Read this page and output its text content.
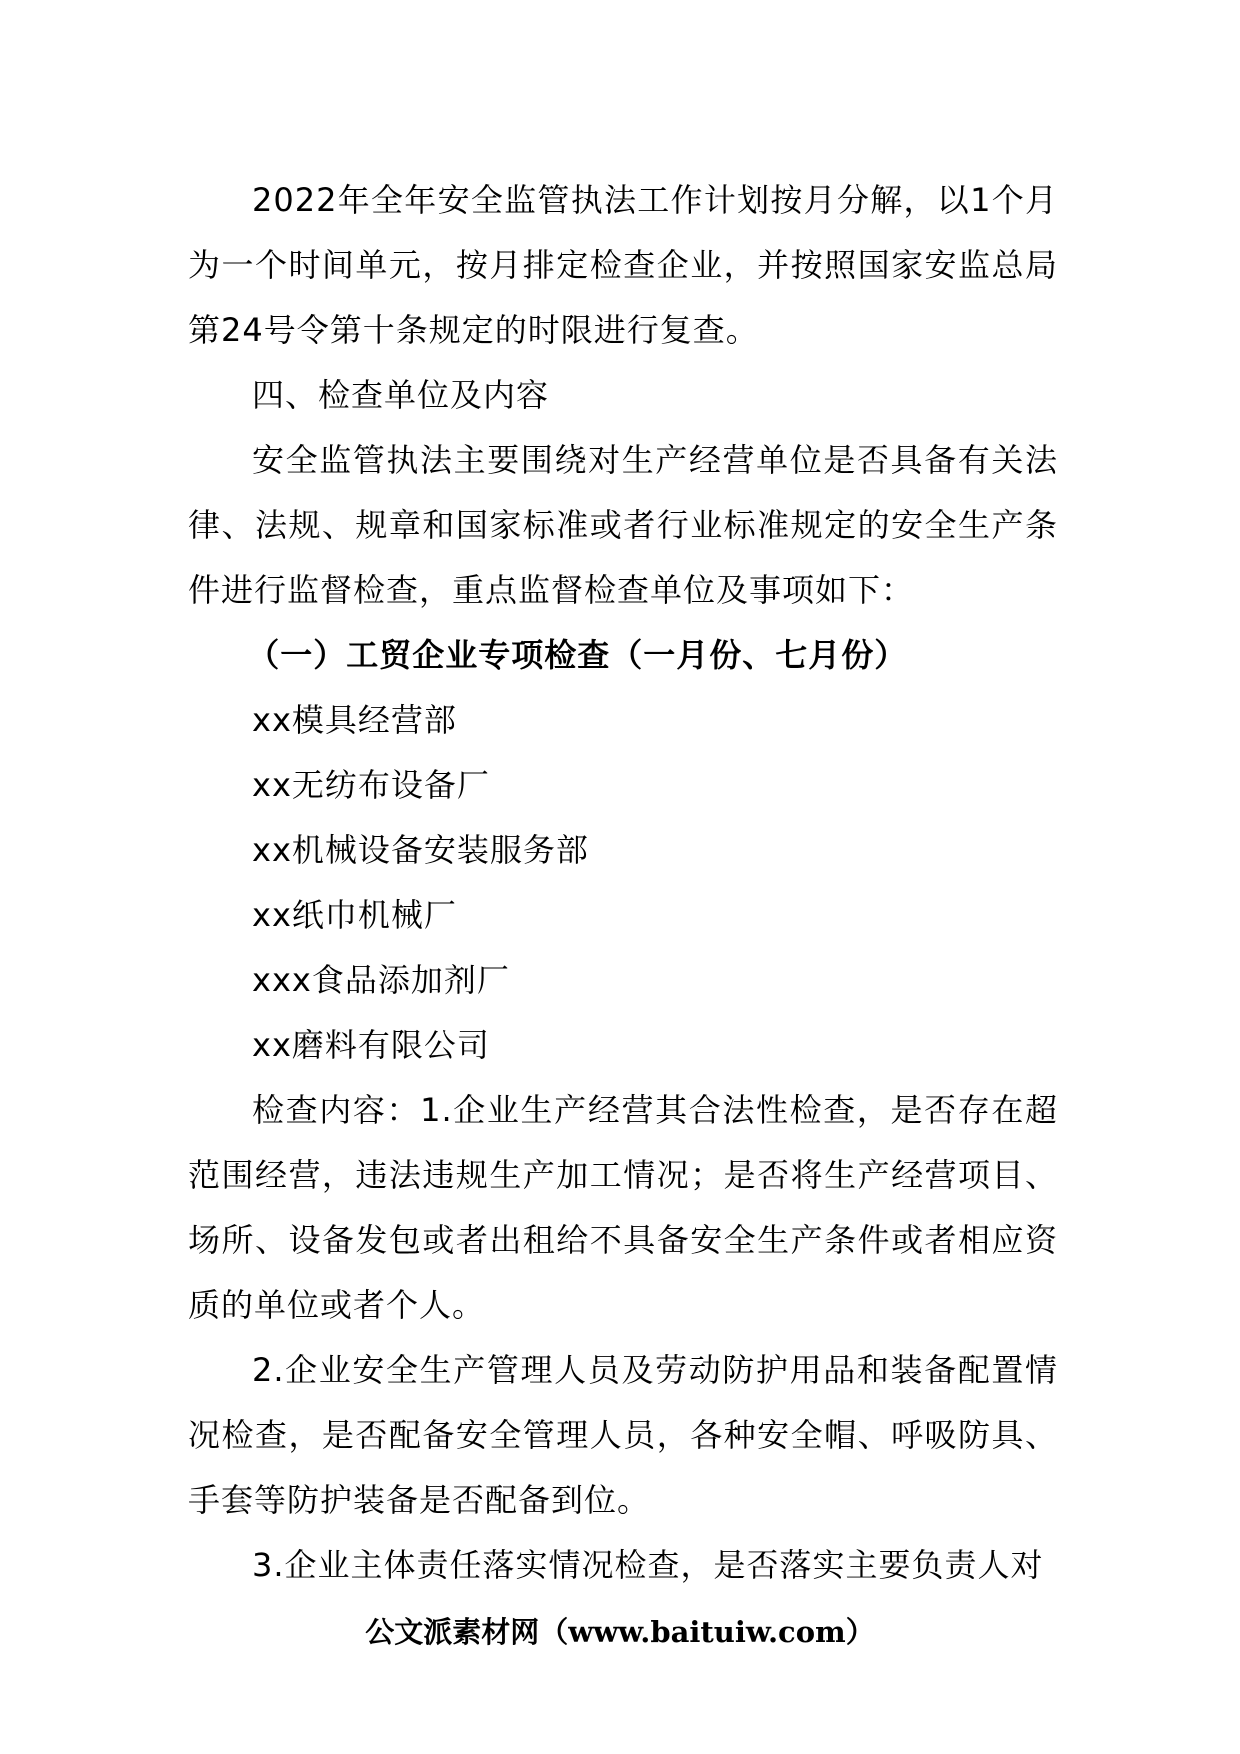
2022年全年安全监管执法工作计划按月分解，以1个月为一个时间单元，按月排定检查企业，并按照国家安监总局第24号令第十条规定的时限进行复查。

四、检查单位及内容

安全监管执法主要围绕对生产经营单位是否具备有关法律、法规、规章和国家标准或者行业标准规定的安全生产条件进行监督检查，重点监督检查单位及事项如下：

（一）工贸企业专项检查（一月份、七月份）

xx模具经营部

xx无纺布设备厂

xx机械设备安装服务部

xx纸巾机械厂

xxx食品添加剂厂

xx磨料有限公司

检查内容：1.企业生产经营其合法性检查，是否存在超范围经营，违法违规生产加工情况；是否将生产经营项目、场所、设备发包或者出租给不具备安全生产条件或者相应资质的单位或者个人。

2.企业安全生产管理人员及劳动防护用品和装备配置情况检查，是否配备安全管理人员，各种安全帽、呼吸防具、手套等防护装备是否配备到位。

3.企业主体责任落实情况检查，是否落实主要负责人对

公文派素材网（www.baituiw.com）
